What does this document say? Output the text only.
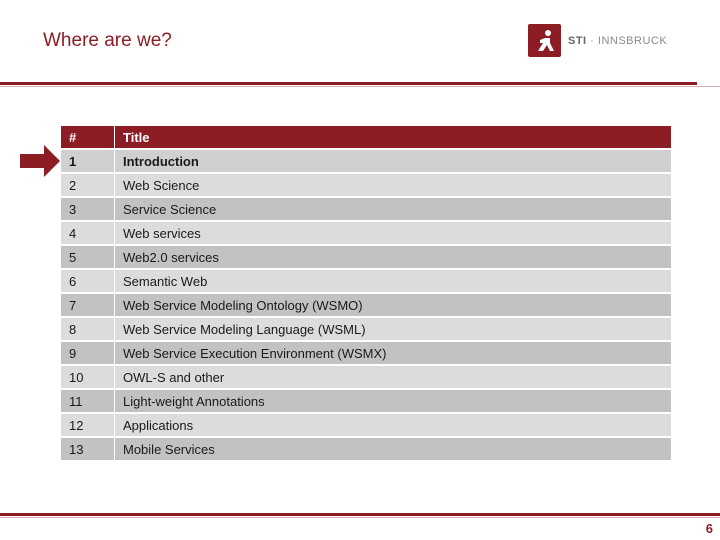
Where are we?	STI · INNSBRUCK
#	Title
1	Introduction
2	Web Science
3	Service Science
4	Web services
5	Web2.0 services
6	Semantic Web
7	Web Service Modeling Ontology (WSMO)
8	Web Service Modeling Language (WSML)
9	Web Service Execution Environment (WSMX)
10	OWL-S and other
11	Light-weight Annotations
12	Applications
13	Mobile Services
6
